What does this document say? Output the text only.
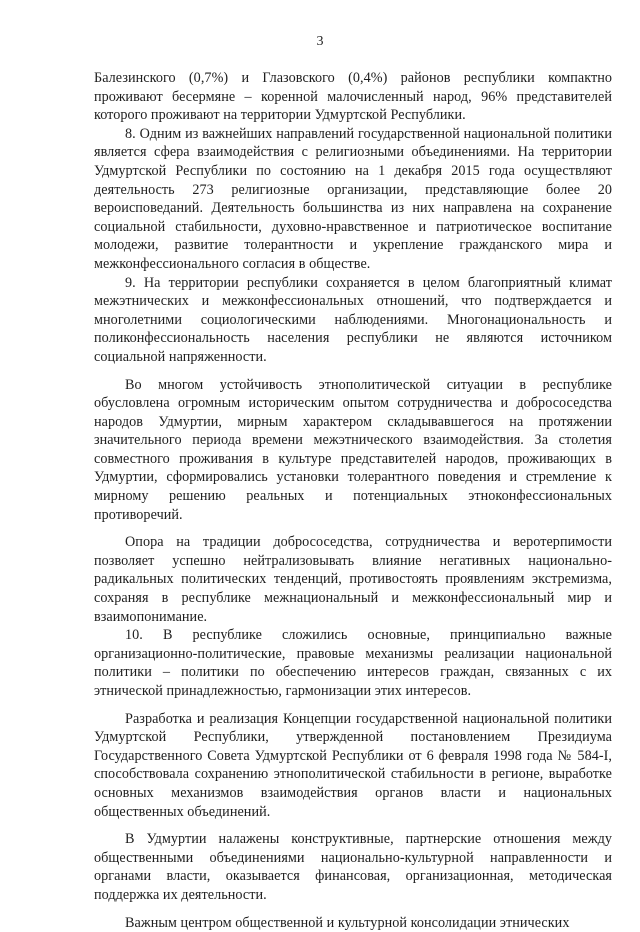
3

Балезинского (0,7%) и Глазовского (0,4%) районов республики компактно проживают бесермяне – коренной малочисленный народ, 96% представителей которого проживают на территории Удмуртской Республики.

8. Одним из важнейших направлений государственной национальной политики является сфера взаимодействия с религиозными объединениями. На территории Удмуртской Республики по состоянию на 1 декабря 2015 года осуществляют деятельность 273 религиозные организации, представляющие более 20 вероисповеданий. Деятельность большинства из них направлена на сохранение социальной стабильности, духовно-нравственное и патриотическое воспитание молодежи, развитие толерантности и укрепление гражданского мира и межконфессионального согласия в обществе.

9. На территории республики сохраняется в целом благоприятный климат межэтнических и межконфессиональных отношений, что подтверждается и многолетними социологическими наблюдениями. Многонациональность и поликонфессиональность населения республики не являются источником социальной напряженности.

Во многом устойчивость этнополитической ситуации в республике обусловлена огромным историческим опытом сотрудничества и добрососедства народов Удмуртии, мирным характером складывавшегося на протяжении значительного периода времени межэтнического взаимодействия. За столетия совместного проживания в культуре представителей народов, проживающих в Удмуртии, сформировались установки толерантного поведения и стремление к мирному решению реальных и потенциальных этноконфессиональных противоречий.

Опора на традиции добрососедства, сотрудничества и веротерпимости позволяет успешно нейтрализовывать влияние негативных национально-радикальных политических тенденций, противостоять проявлениям экстремизма, сохраняя в республике межнациональный и межконфессиональный мир и взаимопонимание.

10. В республике сложились основные, принципиально важные организационно-политические, правовые механизмы реализации национальной политики – политики по обеспечению интересов граждан, связанных с их этнической принадлежностью, гармонизации этих интересов.

Разработка и реализация Концепции государственной национальной политики Удмуртской Республики, утвержденной постановлением Президиума Государственного Совета Удмуртской Республики от 6 февраля 1998 года № 584-I, способствовала сохранению этнополитической стабильности в регионе, выработке основных механизмов взаимодействия органов власти и национальных общественных объединений.

В Удмуртии налажены конструктивные, партнерские отношения между общественными объединениями национально-культурной направленности и органами власти, оказывается финансовая, организационная, методическая поддержка их деятельности.

Важным центром общественной и культурной консолидации этнических
